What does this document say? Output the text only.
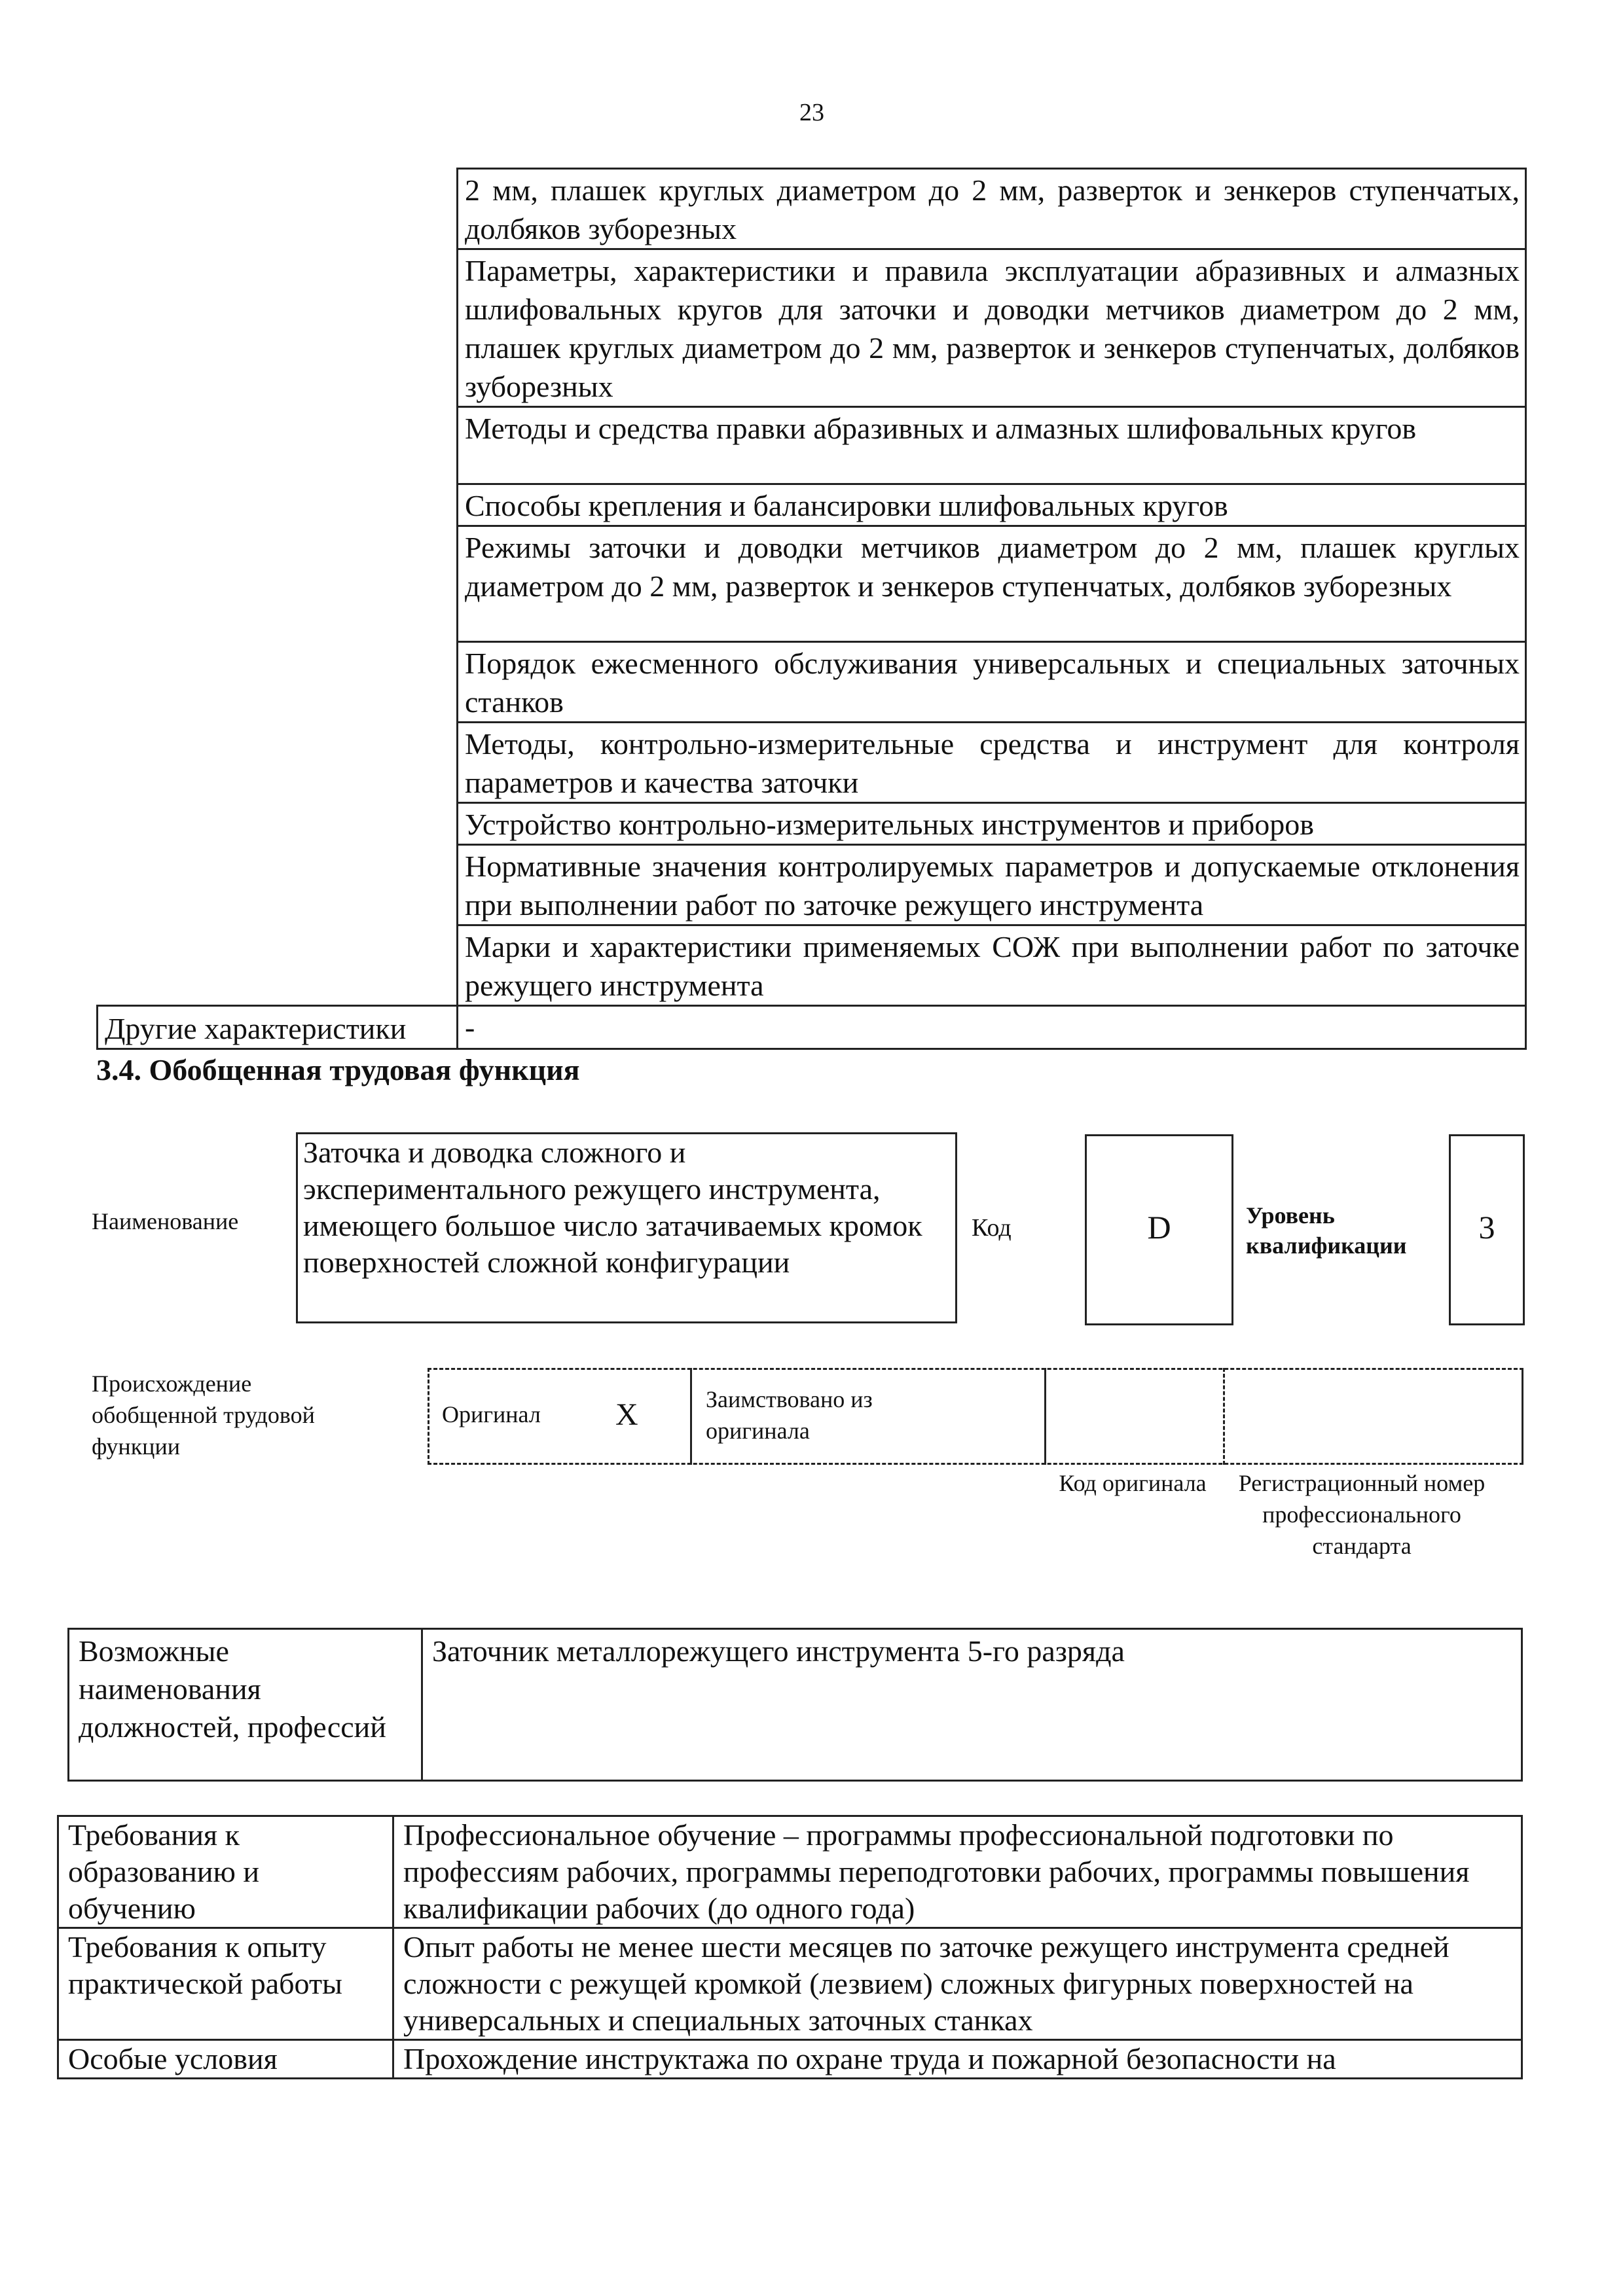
23
	2 мм, плашек круглых диаметром до 2 мм, разверток и зенкеров ступенчатых, долбяков зуборезных
	Параметры, характеристики и правила эксплуатации абразивных и алмазных шлифовальных кругов для заточки и доводки метчиков диаметром до 2 мм, плашек круглых диаметром до 2 мм, разверток и зенкеров ступенчатых, долбяков зуборезных
	Методы и средства правки абразивных и алмазных шлифовальных кругов
	Способы крепления и балансировки шлифовальных кругов
	Режимы заточки и доводки метчиков диаметром до 2 мм, плашек круглых диаметром до 2 мм, разверток и зенкеров ступенчатых, долбяков зуборезных
	Порядок ежесменного обслуживания универсальных и специальных заточных станков
	Методы, контрольно-измерительные средства и инструмент для контроля параметров и качества заточки
	Устройство контрольно-измерительных инструментов и приборов
	Нормативные значения контролируемых параметров и допускаемые отклонения при выполнении работ по заточке режущего инструмента
	Марки и характеристики применяемых СОЖ при выполнении работ по заточке режущего инструмента
Другие характеристики	-
3.4. Обобщенная трудовая функция
Наименование
Заточка и доводка сложного и экспериментального режущего инструмента, имеющего большое число затачиваемых кромок поверхностей сложной конфигурации
Код	D	Уровень квалификации	3
Происхождение обобщенной трудовой функции
Оригинал X	Заимствовано из оригинала
Код оригинала	Регистрационный номер профессионального стандарта
Возможные наименования должностей, профессий	Заточник металлорежущего инструмента 5-го разряда
Требования к образованию и обучению	Профессиональное обучение – программы профессиональной подготовки по профессиям рабочих, программы переподготовки рабочих, программы повышения квалификации рабочих (до одного года)
Требования к опыту практической работы	Опыт работы не менее шести месяцев по заточке режущего инструмента средней сложности с режущей кромкой (лезвием) сложных фигурных поверхностей на универсальных и специальных заточных станках
Особые условия	Прохождение инструктажа по охране труда и пожарной безопасности на
